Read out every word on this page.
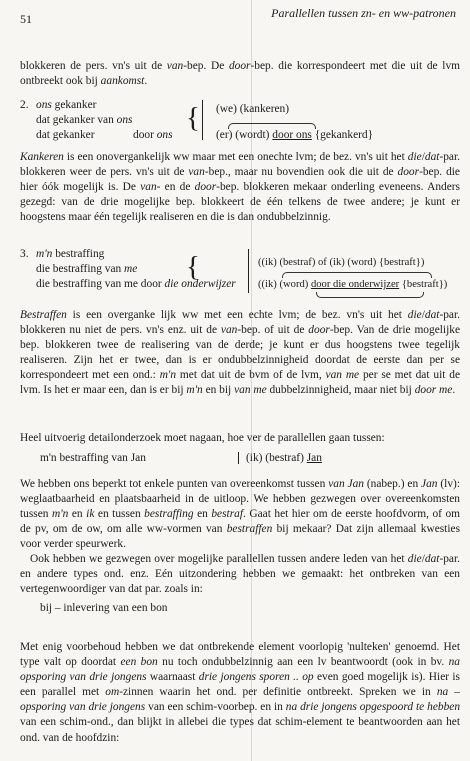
51	Parallellen tussen zn- en ww-patronen

blokkeren de pers. vn's uit de van-bep. De door-bep. die korrespondeert met die uit de lvm ontbreekt ook bij aankomst.

2. ons gekanker
dat gekanker van ons
dat gekanker	door ons
{ (we) (kankeren)
(er) (wordt) door ons {gekankerd}

Kankeren is een onovergankelijk ww maar met een onechte lvm; de bez. vn's uit het die/dat-par. blokkeren weer de pers. vn's uit de van-bep., maar nu bovendien ook die uit de door-bep. die hier óók mogelijk is. De van- en de door-bep. blokkeren mekaar onderling eveneens. Anders gezegd: van de drie mogelijke bep. blokkeert de één telkens de twee andere; je kunt er hoogstens maar één tegelijk realiseren en die is dan ondubbelzinnig.

3. m'n bestraffing
die bestraffing van me
die bestraffing van me door die onderwijzer
{	((ik) (bestraf) of (ik) (word) {bestraft})
((ik) (word) door die onderwijzer {bestraft})

Bestraffen is een overganke lijk ww met een echte lvm; de bez. vn's uit het die/dat-par. blokkeren nu niet de pers. vn's enz. uit de van-bep. of uit de door-bep. Van de drie mogelijke bep. blokkeren twee de realisering van de derde; je kunt er dus hoogstens twee tegelijk realiseren. Zijn het er twee, dan is er ondubbelzinnigheid doordat de eerste dan per se korrespondeert met een ond.: m'n met dat uit de bvm of de lvm, van me per se met dat uit de lvm. Is het er maar een, dan is er bij m'n en bij van me dubbelzinnigheid, maar niet bij door me.

Heel uitvoerig detailonderzoek moet nagaan, hoe ver de parallellen gaan tussen:

m'n bestraffing van Jan	(ik) (bestraf) Jan

We hebben ons beperkt tot enkele punten van overeenkomst tussen van Jan (nabep.) en Jan (lv): weglaatbaarheid en plaatsbaarheid in de uitloop. We hebben gezwegen over overeenkomsten tussen m'n en ik en tussen bestraffing en bestraf. Gaat het hier om de eerste hoofdvorm, of om de pv, om de ow, om alle ww-vormen van bestraffen bij mekaar? Dat zijn allemaal kwesties voor verder speurwerk.

Ook hebben we gezwegen over mogelijke parallellen tussen andere leden van het die/dat-par. en andere types ond. enz. Eén uitzondering hebben we gemaakt: het ontbreken van een vertegenwoordiger van dat par. zoals in:

bij – inlevering van een bon

Met enig voorbehoud hebben we dat ontbrekende element voorlopig 'nulteken' genoemd. Het type valt op doordat een bon nu toch ondubbelzinnig aan een lv beantwoordt (ook in bv. na opsporing van drie jongens waarnaast drie jongens sporen .. op even goed mogelijk is). Hier is een parallel met om-zinnen waarin het ond. per definitie ontbreekt. Spreken we in na – opsporing van drie jongens van een schim-voorbep. en in na drie jongens opgespoord te hebben van een schim-ond., dan blijkt in allebei die types dat schim-element te beantwoorden aan het ond. van de hoofdzin:
